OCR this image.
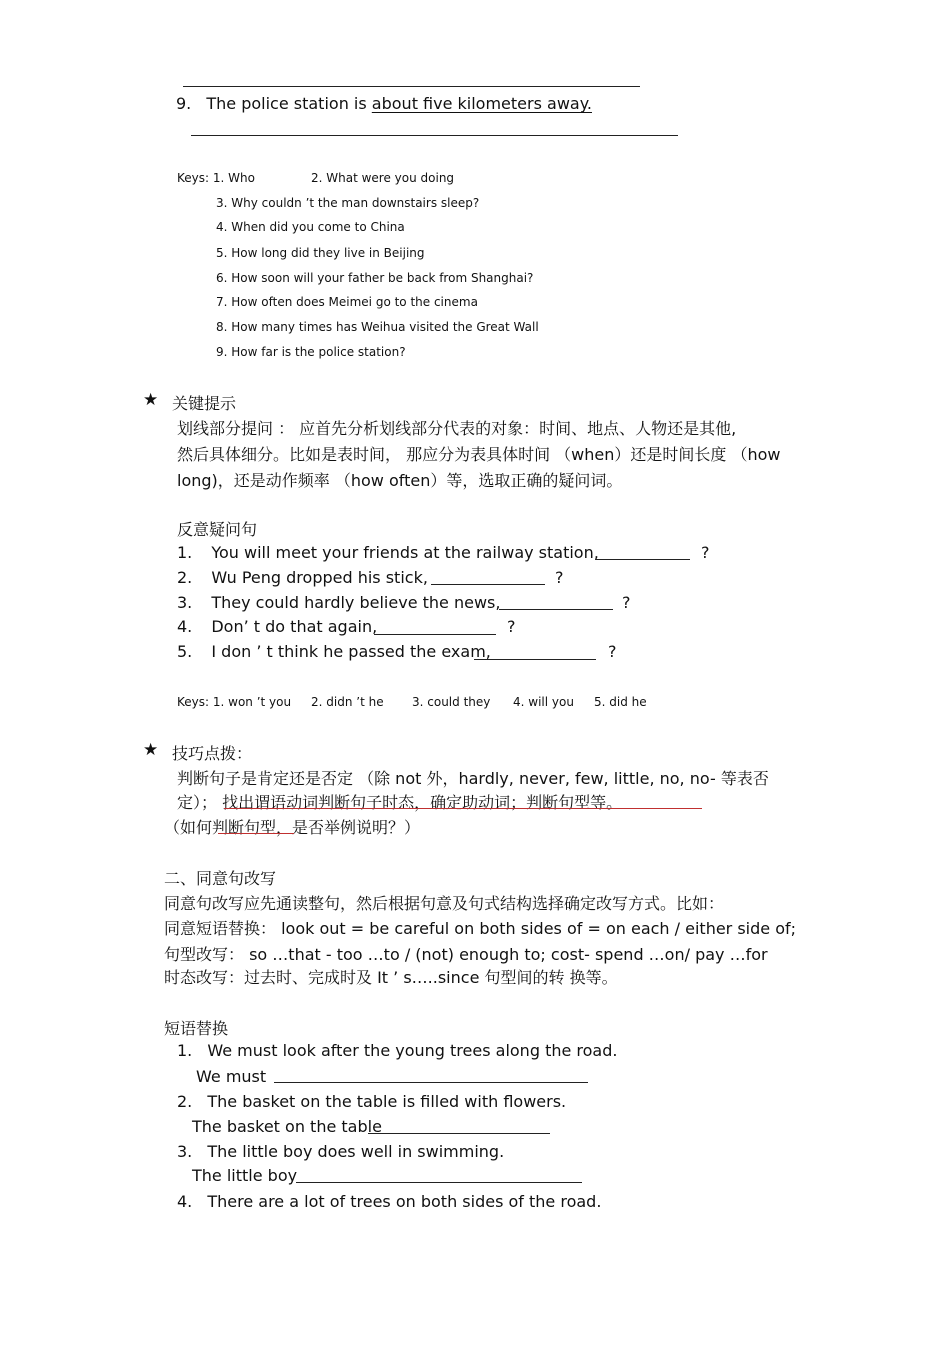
9. The police station is about five kilometers away.
Keys: 1. Who	2. What were you doing
3. Why couldn ’t the man downstairs sleep?
4. When did you come to China
5. How long did they live in Beijing
6. How soon will your father be back from Shanghai?
7. How often does Meimei go to the cinema
8. How many times has Weihua visited the Great Wall
9. How far is the police station?
★ 关键提示
划线部分提问 ： 应首先分析划线部分代表的对象：时间、地点、人物还是其他,
然后具体细分。比如是表时间， 那应分为表具体时间 （when）还是时间长度 （how
long)，还是动作频率 （how often）等，选取正确的疑问词。
反意疑问句
1. You will meet your friends at the railway station,	?
2. Wu Peng dropped his stick,	?
3. They could hardly believe the news,	?
4. Don’ t do that again,	?
5. I don ’ t think he passed the exam,	?
Keys: 1. won ’t you 2. didn ’t he 3. could they 4. will you 5. did he
★ 技巧点拨：
判断句子是肯定还是否定 （除 not 外，hardly, never, few, little, no, no- 等表否
定）； 找出谓语动词判断句子时态，确定助动词；判断句型等。
（如何判断句型，是否举例说明？）
二、同意句改写
同意句改写应先通读整句，然后根据句意及句式结构选择确定改写方式。比如：
同意短语替换： look out = be careful on both sides of = on each / either side of;
句型改写： so …that - too …to / (not) enough to; cost- spend …on/ pay …for
时态改写：过去时、完成时及 It ’ s…..since 句型间的转 换等。
短语替换
1. We must look after the young trees along the road.
We must
2. The basket on the table is filled with flowers.
The basket on the table
3. The little boy does well in swimming.
The little boy
4. There are a lot of trees on both sides of the road.
